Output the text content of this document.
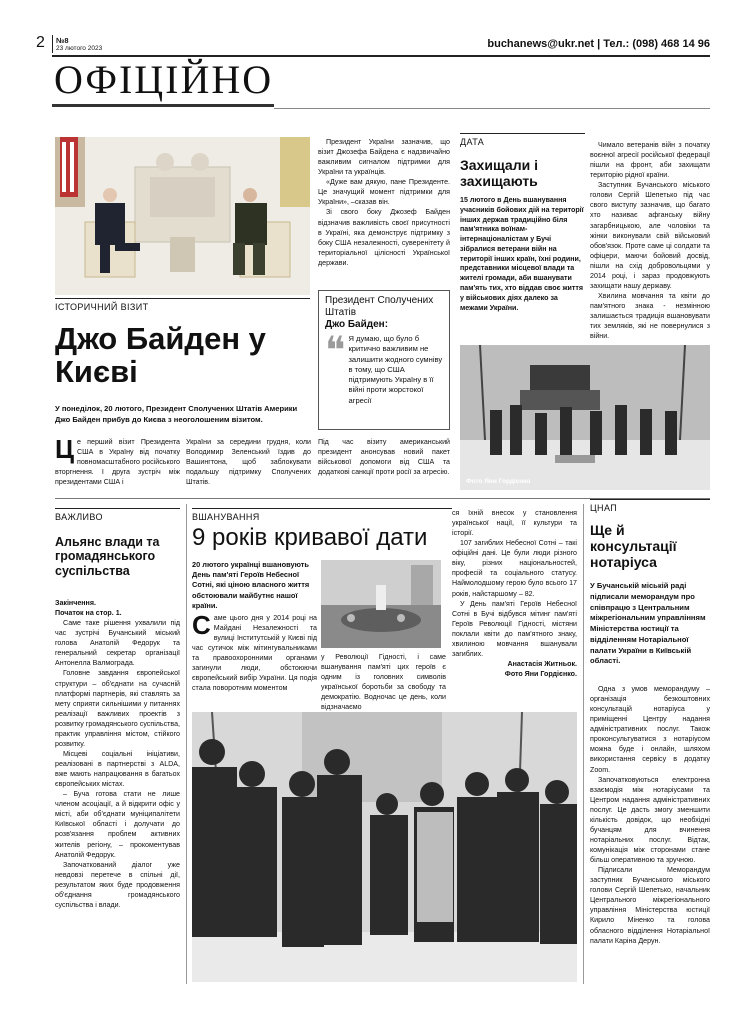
2 №8
23 лютого 2023	buchanews@ukr.net | Тел.: (098) 468 14 96
ОФІЦІЙНО

Президент України зазначив, що візит Джозефа Байдена є надзвичайно важливим сигналом підтримки для України та українців.

«Дуже вам дякую, пане Президенте. Це значущий момент підтримки для України», –сказав він.

Зі свого боку Джозеф Байден відзначив важливість своєї присутності в Україні, яка демонструє підтримку з боку США незалежності, суверенітету й територіальної цілісності Української держави.

ІСТОРИЧНИЙ ВІЗИТ
Джо Байден у Києві
У понеділок, 20 лютого, Президент Сполучених Штатів Америки Джо Байден прибув до Києва з неоголошеним візитом.
Це перший візит Президента США в Україну від початку повномасштабного російського вторгнення. І друга зустріч між президентами США і
України за середини грудня, коли Володимир Зеленський їздив до Вашингтона, щоб заблокувати подальшу підтримку Сполучених Штатів.
Президент Сполучених Штатів
Джо Байден:
❝ Я думаю, що було б критично важливим не залишити жодного сумніву в тому, що США підтримують Україну в її війні проти жорстокої агресії
Під час візиту американський президент анонсував новий пакет військової допомоги від США та додаткові санкції проти росії за агресію.
ДАТА
Захищали і захищають
15 лютого в День вшанування учасників бойових дій на території інших держав традиційно біля пам'ятника воїнам-інтернаціоналістам у Бучі зібралися ветерани війн на території інших країн, їхні родини, представники місцевої влади та жителі громади, аби вшанувати пам'ять тих, хто віддав своє життя у військових діях далеко за межами України.

Чимало ветеранів війн з початку воєнної агресії російської федерації пішли на фронт, аби захищати територію рідної країни.

Заступник Бучанського міського голови Сергій Шепетько під час свого виступу зазначив, що багато хто називає афганську війну загарбницькою, але чоловіки та жінки виконували свій військовий обов'язок. Проте саме ці солдати та офіцери, маючи бойовий досвід, пішли на схід добровольцями у 2014 році, і зараз продовжують захищати нашу державу.

Хвилина мовчання та квіти до пам'ятного знака - незмінною залишається традиція вшановувати тих земляків, які не повернулися з війни.

Фото Яни Гордієнко
ВАЖЛИВО
Альянс влади та громадянського суспільства
Закінчення.
Початок на стор. 1.

Саме таке рішення ухвалили під час зустрічі Бучанський міський голова Анатолій Федорук та генеральний секретар організації Антонелла Валмограда.

Головне завдання європейської структури – об'єднати на сучасній платформі партнерів, які ставлять за мету сприяти сильнішими у питаннях реалізації важливих проектів з розвитку громадянського суспільства, практик управління містом, стійкого розвитку.

Місцеві соціальні ініціативи, реалізовані в партнерстві з ALDA, вже мають напрацювання в багатьох європейських містах.

– Буча готова стати не лише членом асоціації, а й відкрити офіс у місті, аби об'єднати муніципалітети Київської області і долучати до розв'язання проблем активних жителів регіону, – прокоментував Анатолій Федорук.

Започаткований діалог уже невдовзі перетече в спільні дії, результатом яких буде продовження об'єднання громадянського суспільства і влади.

ВШАНУВАННЯ
9 років кривавої дати
20 лютого українці вшановують День пам'яті Героїв Небесної Сотні, які ціною власного життя обстоювали майбутнє нашої країни.
Саме цього дня у 2014 році на Майдані Незалежності та вулиці Інститутській у Києві під час сутичок між мітингувальниками та правоохоронними органами загинули люди, обстоюючи європейський вибір України. Ця подія стала поворотним моментом
у Революції Гідності, і саме вшанування пам'яті цих героїв є одним із головних символів української боротьби за свободу та демократію. Водночас це день, коли відзначаємо
ся їхній внесок у становлення української нації, її культури та історії.

107 загиблих Небесної Сотні – такі офіційні дані. Це були люди різного віку, різних національностей, професій та соціального статусу. Наймолодшому герою було всього 17 років, найстаршому – 82.

У День пам'яті Героїв Небесної Сотні в Бучі відбувся мітинг пам'яті Героїв Революції Гідності, містяни поклали квіти до пам'ятного знаку, хвилиною мовчання вшанували загиблих.

Анастасія Житньок.
Фото Яни Гордієнко.
ЦНАП
Ще й консультації нотаріуса
У Бучанській міській раді підписали меморандум про співпрацю з Центральним міжрегіональним управлінням Міністерства юстиції та відділенням Нотаріальної палати України в Київській області.

Одна з умов меморандуму – організація безкоштовних консультацій нотаріуса у приміщенні Центру надання адміністративних послуг. Також проконсультуватися з нотаріусом можна буде і онлайн, шляхом використання сервісу в додатку Zoom.

Започатковуються електронна взаємодія між нотаріусами та Центром надання адміністративних послуг. Це дасть змогу зменшити кількість довідок, що необхідні бучанцям для вчинення нотаріальних послуг. Відтак, комунікація між сторонами стане більш оперативною та зручною.

Підписали Меморандум заступник Бучанського міського голови Сергій Шепетько, начальник Центрального міжрегіонального управління Міністерства юстиції Кирило Міненко та голова обласного відділення Нотаріальної палати Каріна Дерун.
